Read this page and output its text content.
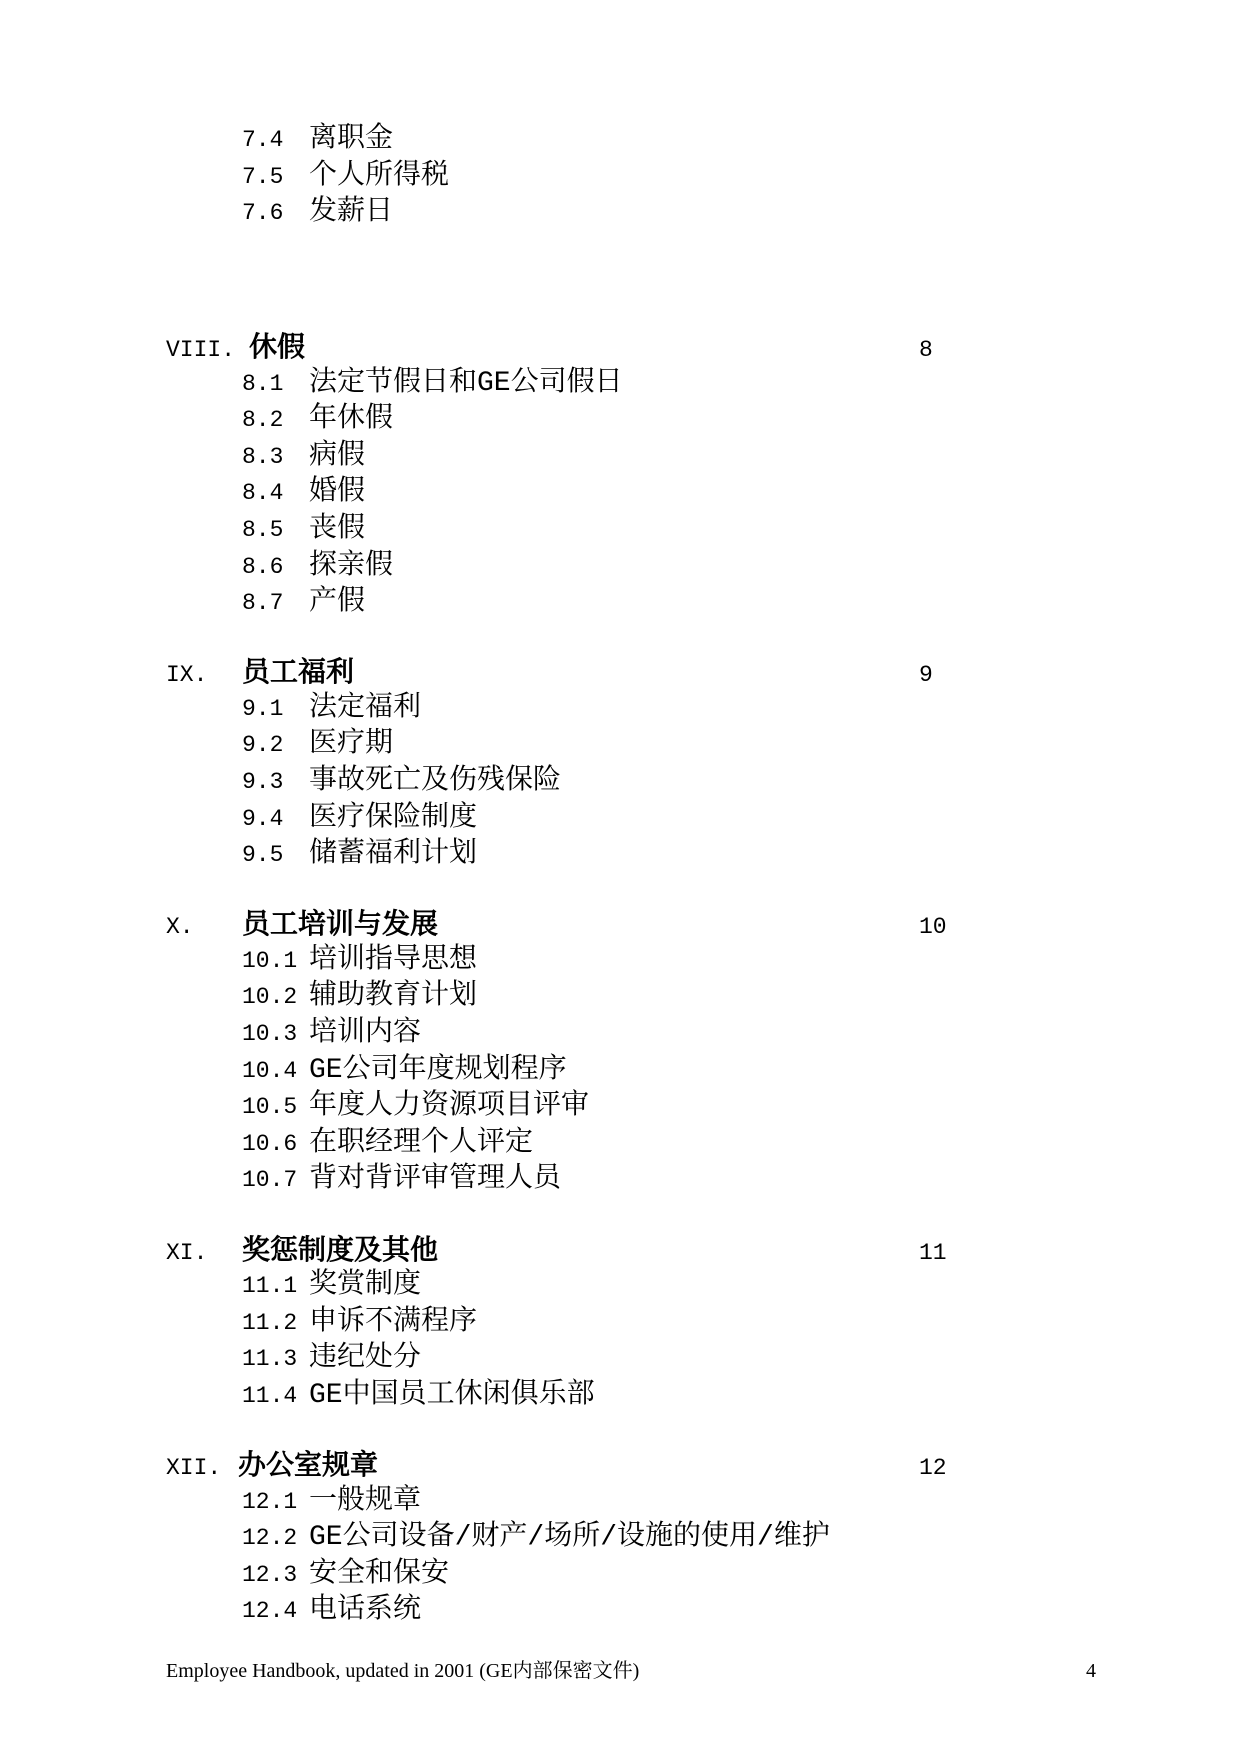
7.4 离职金
7.5 个人所得税
7.6 发薪日
VIII. 休假	8
8.1 法定节假日和GE公司假日
8.2 年休假
8.3 病假
8.4 婚假
8.5 丧假
8.6 探亲假
8.7 产假
IX. 员工福利	9
9.1 法定福利
9.2 医疗期
9.3 事故死亡及伤残保险
9.4 医疗保险制度
9.5 储蓄福利计划
X. 员工培训与发展	10
10.1 培训指导思想
10.2 辅助教育计划
10.3 培训内容
10.4 GE公司年度规划程序
10.5 年度人力资源项目评审
10.6 在职经理个人评定
10.7 背对背评审管理人员
XI. 奖惩制度及其他	11
11.1 奖赏制度
11.2 申诉不满程序
11.3 违纪处分
11.4 GE中国员工休闲俱乐部
XII. 办公室规章	12
12.1 一般规章
12.2 GE公司设备/财产/场所/设施的使用/维护
12.3 安全和保安
12.4 电话系统
Employee Handbook, updated in 2001 (GE内部保密文件)	4
